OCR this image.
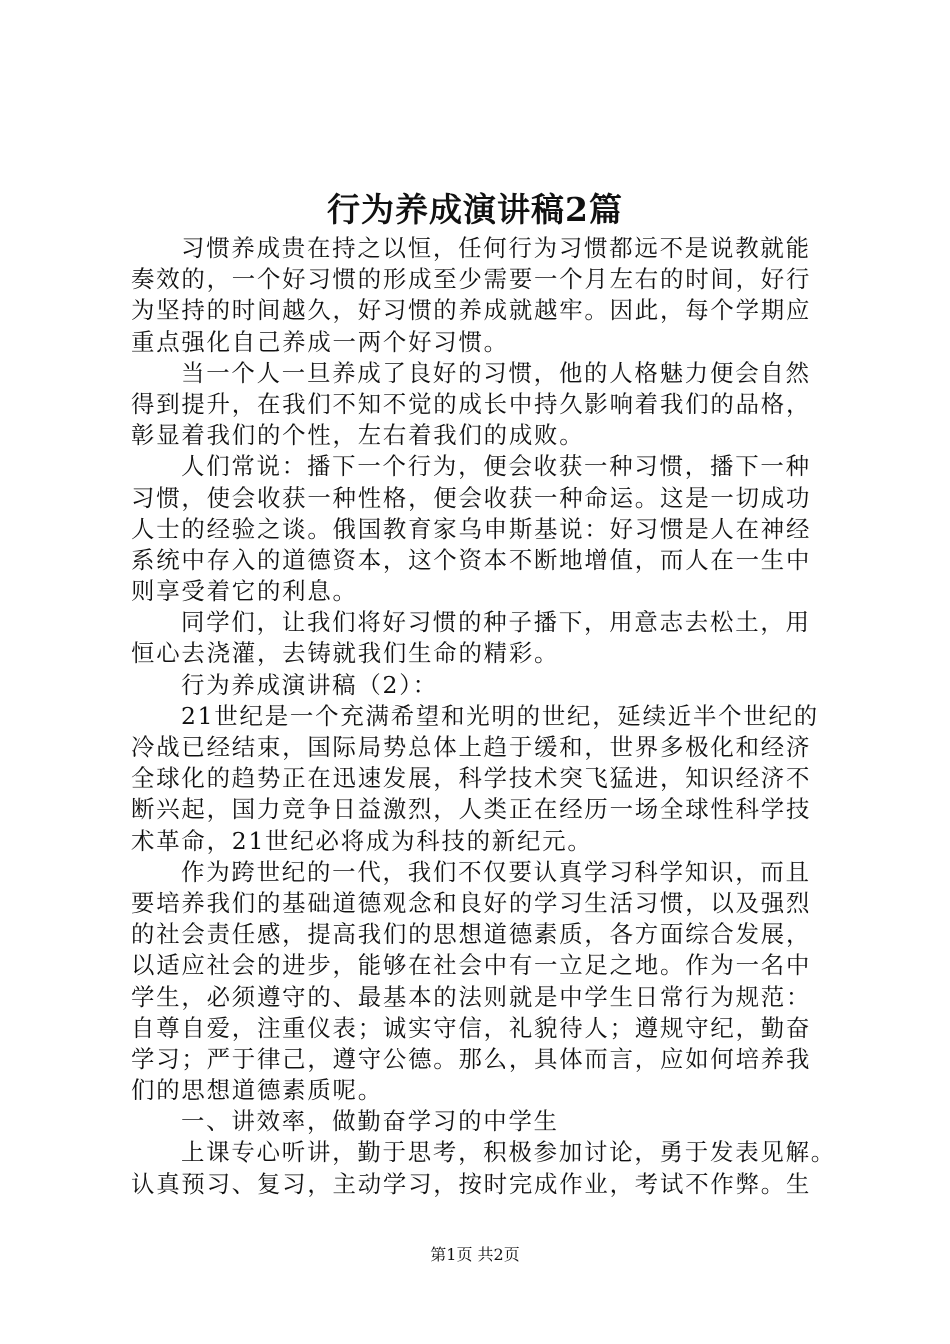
行为养成演讲稿2篇
习惯养成贵在持之以恒，任何行为习惯都远不是说教就能
奏效的，一个好习惯的形成至少需要一个月左右的时间，好行
为坚持的时间越久，好习惯的养成就越牢。因此，每个学期应
重点强化自己养成一两个好习惯。
当一个人一旦养成了良好的习惯，他的人格魅力便会自然
得到提升，在我们不知不觉的成长中持久影响着我们的品格，
彰显着我们的个性，左右着我们的成败。
人们常说：播下一个行为，便会收获一种习惯，播下一种
习惯，使会收获一种性格，便会收获一种命运。这是一切成功
人士的经验之谈。俄国教育家乌申斯基说：好习惯是人在神经
系统中存入的道德资本，这个资本不断地增值，而人在一生中
则享受着它的利息。
同学们，让我们将好习惯的种子播下，用意志去松土，用
恒心去浇灌，去铸就我们生命的精彩。
行为养成演讲稿（2）：
21世纪是一个充满希望和光明的世纪，延续近半个世纪的
冷战已经结束，国际局势总体上趋于缓和，世界多极化和经济
全球化的趋势正在迅速发展，科学技术突飞猛进，知识经济不
断兴起，国力竞争日益激烈，人类正在经历一场全球性科学技
术革命，21世纪必将成为科技的新纪元。
作为跨世纪的一代，我们不仅要认真学习科学知识，而且
要培养我们的基础道德观念和良好的学习生活习惯，以及强烈
的社会责任感，提高我们的思想道德素质，各方面综合发展，
以适应社会的进步，能够在社会中有一立足之地。作为一名中
学生，必须遵守的、最基本的法则就是中学生日常行为规范：
自尊自爱，注重仪表；诚实守信，礼貌待人；遵规守纪，勤奋
学习；严于律己，遵守公德。那么，具体而言，应如何培养我
们的思想道德素质呢。
一、讲效率，做勤奋学习的中学生
上课专心听讲，勤于思考，积极参加讨论，勇于发表见解。
认真预习、复习，主动学习，按时完成作业，考试不作弊。生
第1页 共2页
